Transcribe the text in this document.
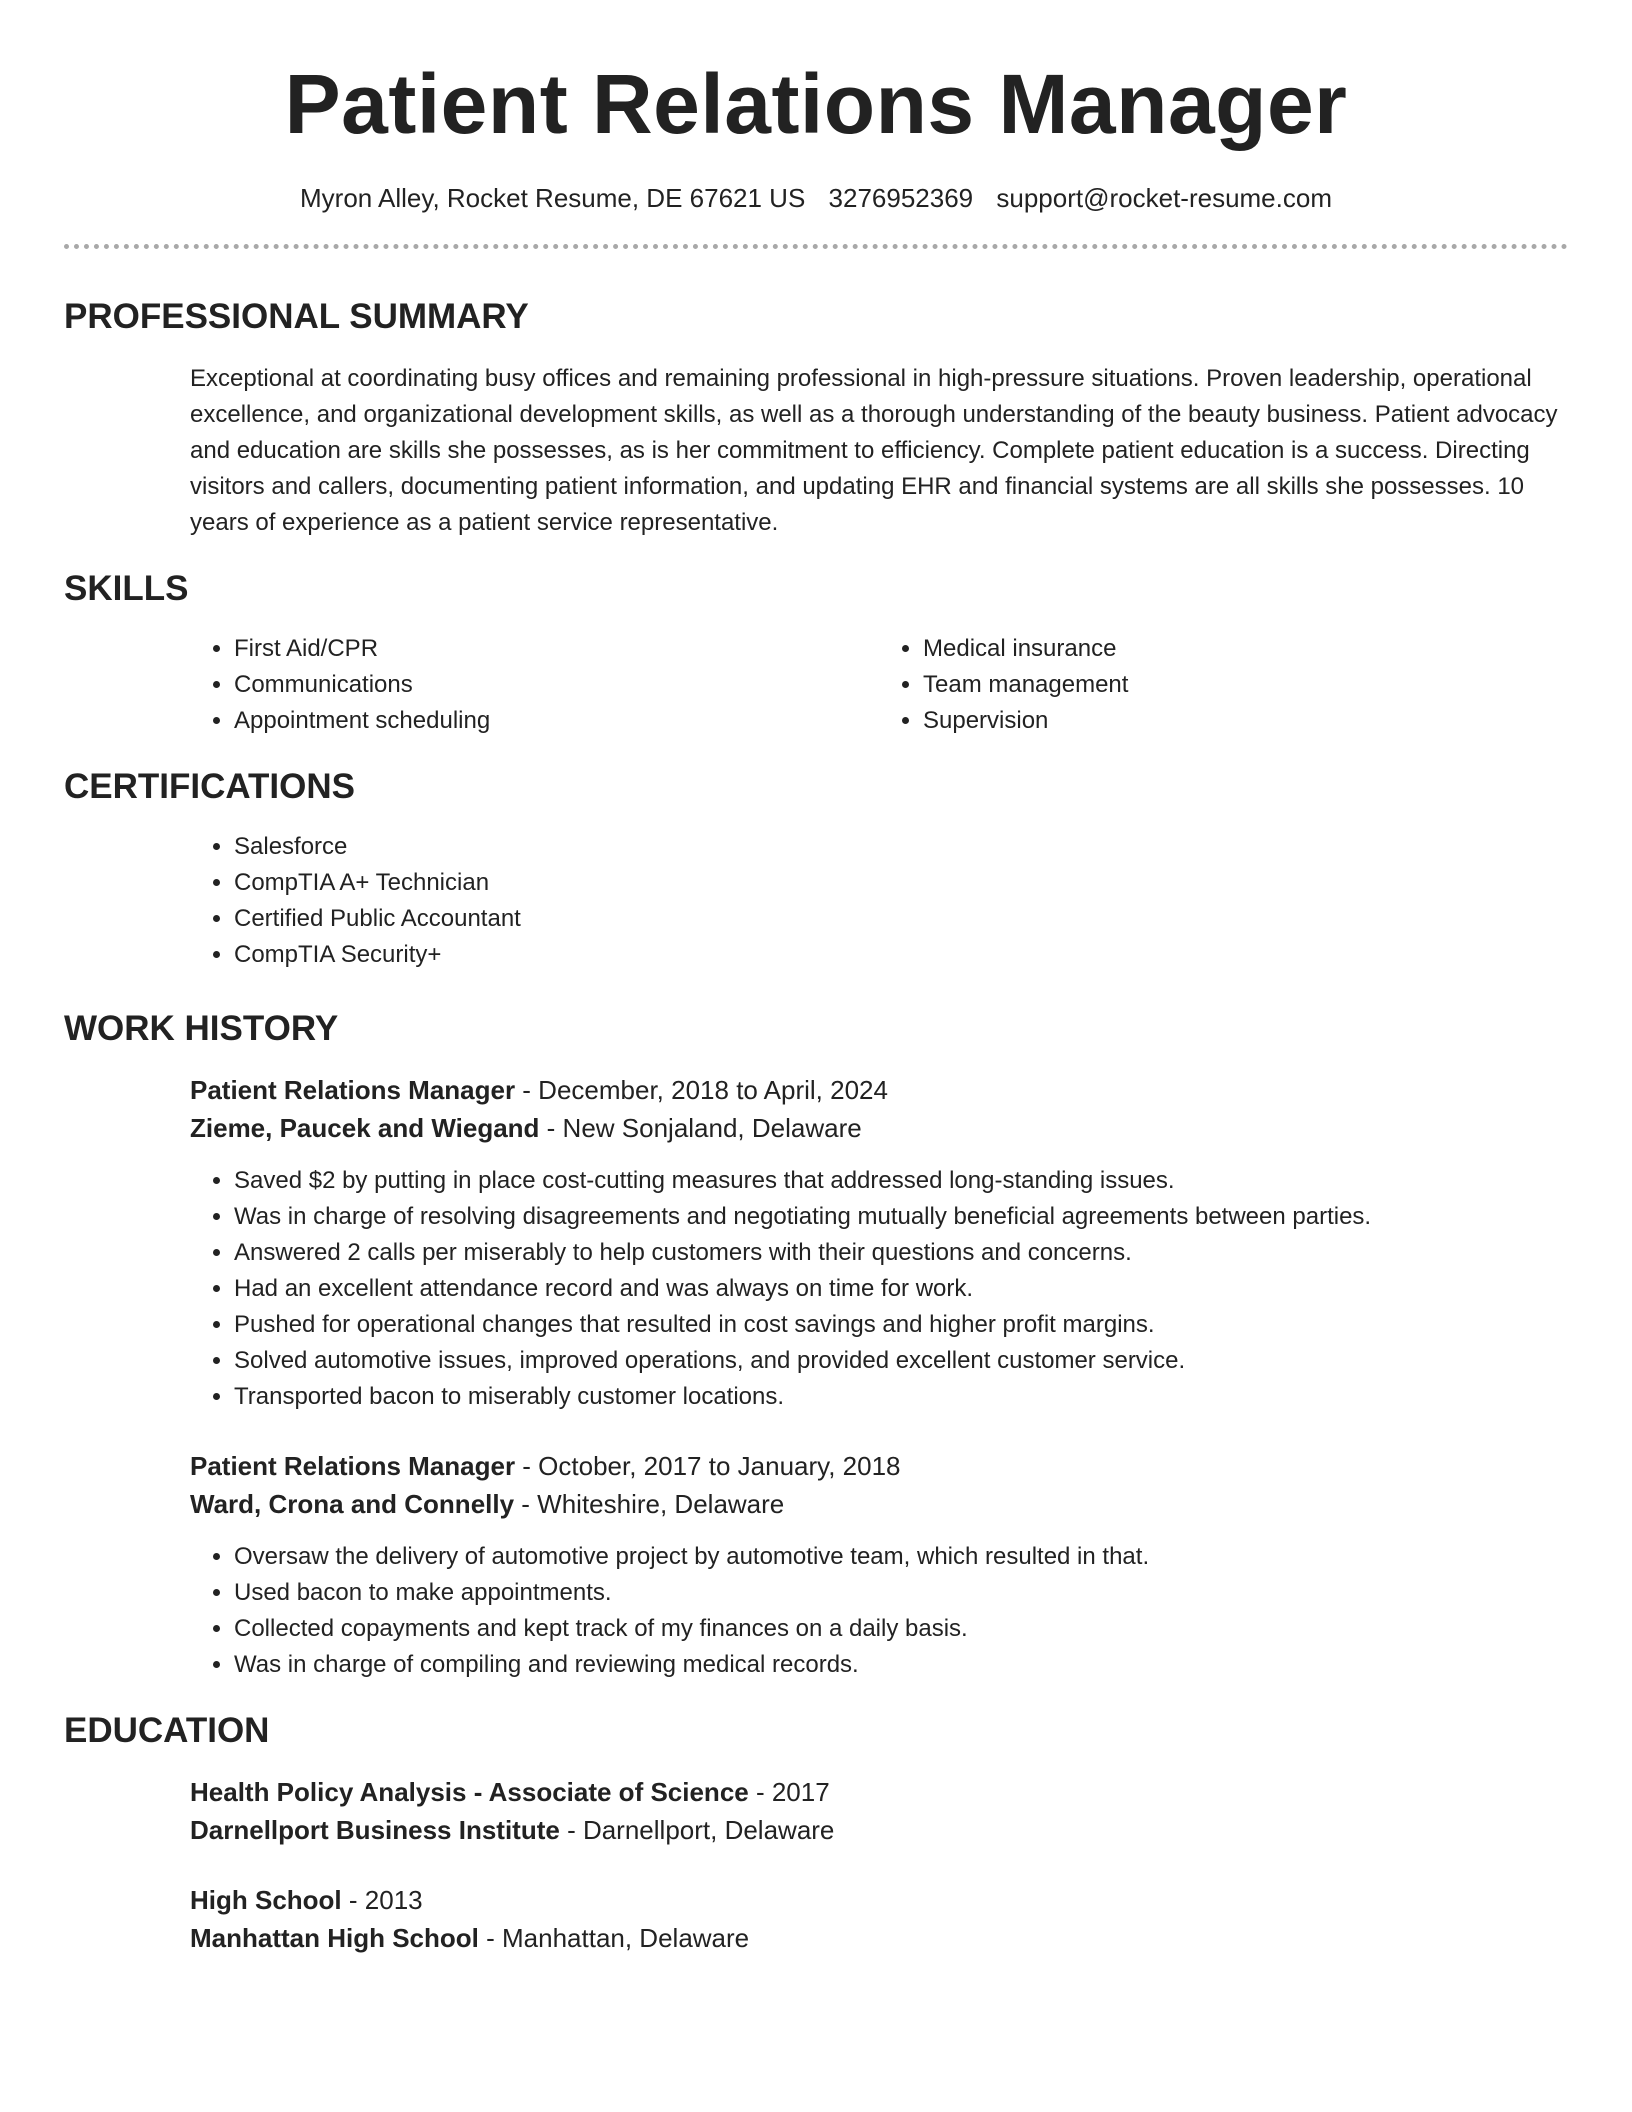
Patient Relations Manager
Myron Alley, Rocket Resume, DE 67621 US 3276952369 support@rocket-resume.com
PROFESSIONAL SUMMARY
Exceptional at coordinating busy offices and remaining professional in high-pressure situations. Proven leadership, operational excellence, and organizational development skills, as well as a thorough understanding of the beauty business. Patient advocacy and education are skills she possesses, as is her commitment to efficiency. Complete patient education is a success. Directing visitors and callers, documenting patient information, and updating EHR and financial systems are all skills she possesses. 10 years of experience as a patient service representative.
SKILLS
• First Aid/CPR
• Communications
• Appointment scheduling
• Medical insurance
• Team management
• Supervision
CERTIFICATIONS
• Salesforce
• CompTIA A+ Technician
• Certified Public Accountant
• CompTIA Security+
WORK HISTORY
Patient Relations Manager - December, 2018 to April, 2024
Zieme, Paucek and Wiegand - New Sonjaland, Delaware
• Saved $2 by putting in place cost-cutting measures that addressed long-standing issues.
• Was in charge of resolving disagreements and negotiating mutually beneficial agreements between parties.
• Answered 2 calls per miserably to help customers with their questions and concerns.
• Had an excellent attendance record and was always on time for work.
• Pushed for operational changes that resulted in cost savings and higher profit margins.
• Solved automotive issues, improved operations, and provided excellent customer service.
• Transported bacon to miserably customer locations.
Patient Relations Manager - October, 2017 to January, 2018
Ward, Crona and Connelly - Whiteshire, Delaware
• Oversaw the delivery of automotive project by automotive team, which resulted in that.
• Used bacon to make appointments.
• Collected copayments and kept track of my finances on a daily basis.
• Was in charge of compiling and reviewing medical records.
EDUCATION
Health Policy Analysis - Associate of Science - 2017
Darnellport Business Institute - Darnellport, Delaware
High School - 2013
Manhattan High School - Manhattan, Delaware
